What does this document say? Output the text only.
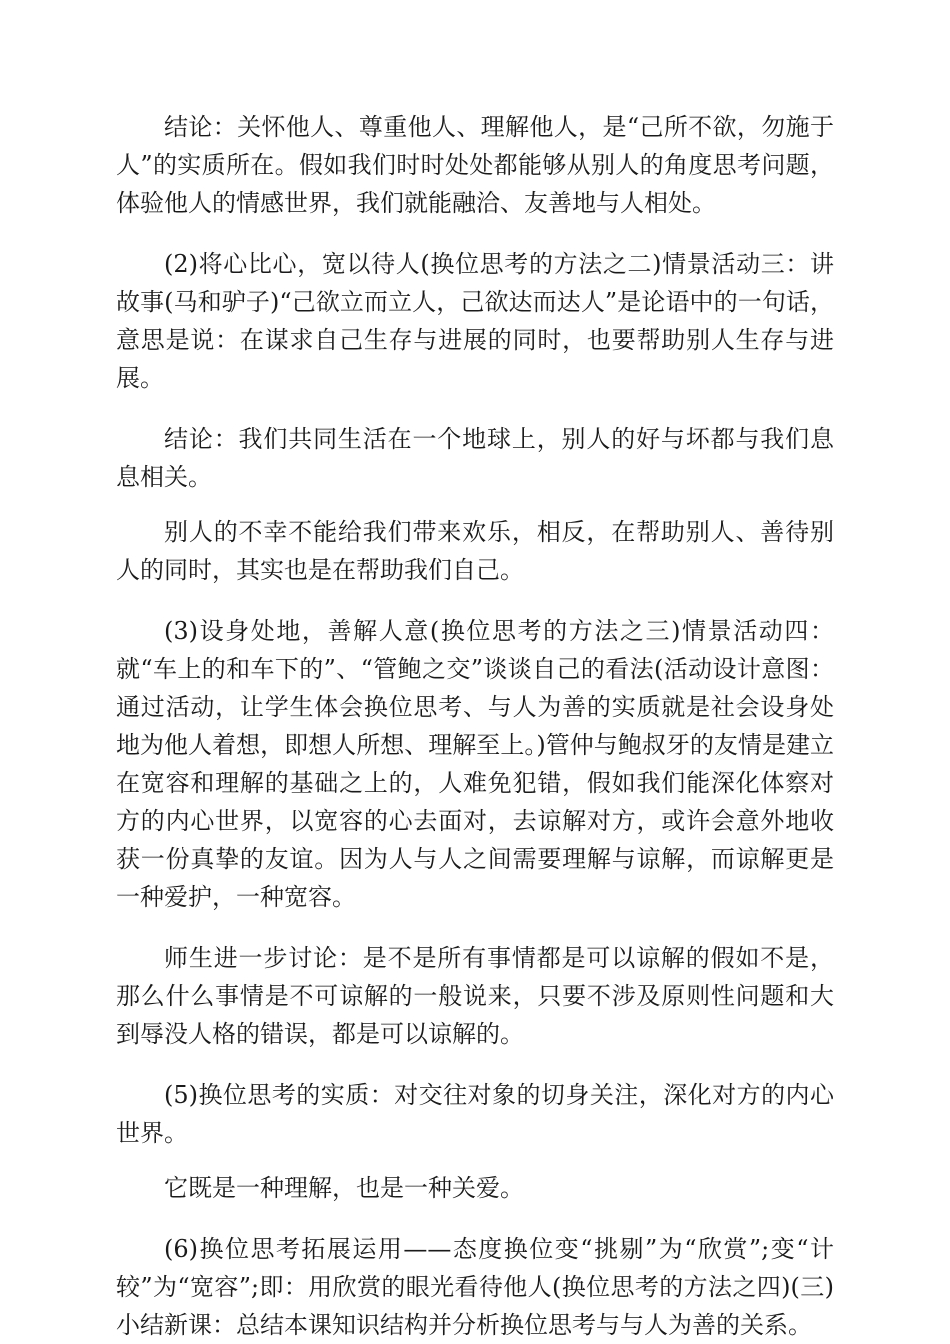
结论：关怀他人、尊重他人、理解他人，是“己所不欲，勿施于人”的实质所在。假如我们时时处处都能够从别人的角度思考问题，体验他人的情感世界，我们就能融洽、友善地与人相处。

(2)将心比心，宽以待人(换位思考的方法之二)情景活动三：讲故事(马和驴子)“己欲立而立人，己欲达而达人”是论语中的一句话，意思是说：在谋求自己生存与进展的同时，也要帮助别人生存与进展。

结论：我们共同生活在一个地球上，别人的好与坏都与我们息息相关。

别人的不幸不能给我们带来欢乐，相反，在帮助别人、善待别人的同时，其实也是在帮助我们自己。

(3)设身处地，善解人意(换位思考的方法之三)情景活动四：就“车上的和车下的”、“管鲍之交”谈谈自己的看法(活动设计意图：通过活动，让学生体会换位思考、与人为善的实质就是社会设身处地为他人着想，即想人所想、理解至上。)管仲与鲍叔牙的友情是建立在宽容和理解的基础之上的，人难免犯错，假如我们能深化体察对方的内心世界，以宽容的心去面对，去谅解对方，或许会意外地收获一份真挚的友谊。因为人与人之间需要理解与谅解，而谅解更是一种爱护，一种宽容。

师生进一步讨论：是不是所有事情都是可以谅解的假如不是，那么什么事情是不可谅解的一般说来，只要不涉及原则性问题和大到辱没人格的错误，都是可以谅解的。

(5)换位思考的实质：对交往对象的切身关注，深化对方的内心世界。

它既是一种理解，也是一种关爱。

(6)换位思考拓展运用——态度换位变“挑剔”为“欣赏”;变“计较”为“宽容”;即：用欣赏的眼光看待他人(换位思考的方法之四)(三)小结新课：总结本课知识结构并分析换位思考与与人为善的关系。
